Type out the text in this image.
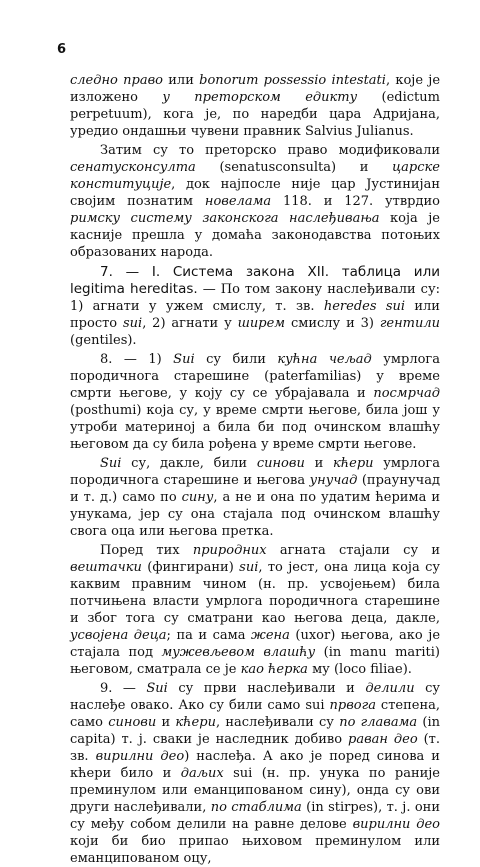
6

следно право или bonorum possessio intestati, које је изложено у преторском едикту (edictum perpetuum), кога је, по наредби цара Адријана, уредио ондашњи чувени правник Salvius Julianus.

Затим су то преторско право модификовали сенатусконсулта (senatusconsulta) и царске конституције, док најпосле није цар Јустинијан својим познатим новелама 118. и 127. утврдио римску систему законскога наслеђивања која је касније прешла у домаћа законодавства потоњих образованих народа.

7. — I. Система закона XII. таблица или legitima hereditas. — По том закону наслеђивали су: 1) агнати у ужем смислу, т. зв. heredes sui или просто sui, 2) агнати у ширем смислу и 3) гентили (gentiles).

8. — 1) Sui су били кућна чељад умрлога породичнога старешине (paterfamilias) у време смрти његове, у коју су се убрајавала и посмрчад (posthumi) која су, у време смрти његове, била још у утроби материној а била би под очинском влашћу његовом да су била рођена у време смрти његове.

Sui су, дакле, били синови и кћери умрлога породичнога старешине и његова унучад (праунучад и т. д.) само по сину, а не и она по удатим ћерима и унукама, јер су она стајала под очинском влашћу свога оца или његова претка.

Поред тих природних агната стајали су и вештачки (фингирани) sui, то јест, она лица која су каквим правним чином (н. пр. усвојењем) била потчињена власти умрлога породичнога старешине и због тога су сматрани као његова деца, дакле, усвојена деца; па и сама жена (uxor) његова, ако је стајала под мужевљевом влашћу (in manu mariti) његовом, сматрала се је као ћерка му (loco filiae).

9. — Sui су први наслеђивали и делили су наслеђе овако. Ако су били само sui првога степена, само синови и кћери, наслеђивали су по главама (in capita) т. ј. сваки је наследник добиво раван део (т. зв. вирилни део) наслеђа. А ако је поред синова и кћери било и даљих sui (н. пр. унука по раније преминулом или еманципованом сину), онда су ови други наслеђивали, по стаблима (in stirpes), т. ј. они су међу собом делили на равне делове вирилни део који би био припао њиховом преминулом или еманципованом оцу,
